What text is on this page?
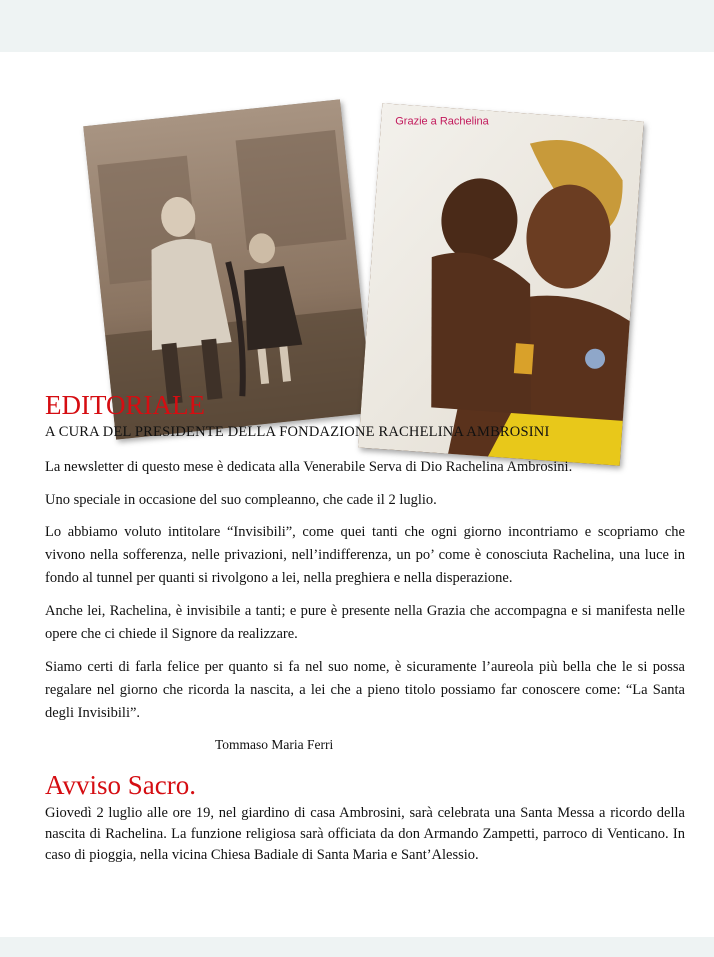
Grazie a Rachelina
EDITORIALE
A CURA DEL PRESIDENTE DELLA FONDAZIONE RACHELINA AMBROSINI

La newsletter di questo mese è dedicata alla Venerabile Serva di Dio Rachelina Ambrosini.

Uno speciale in occasione del suo compleanno, che cade il 2 luglio.

Lo abbiamo voluto intitolare “Invisibili”, come quei tanti che ogni giorno incontriamo e scopriamo che vivono nella sofferenza, nelle privazioni, nell’indifferenza, un po’ come è conosciuta Rachelina, una luce in fondo al tunnel per quanti si rivolgono a lei, nella preghiera e nella disperazione.

Anche lei, Rachelina, è invisibile a tanti; e pure è presente nella Grazia che accompagna e si manifesta nelle opere che ci chiede il Signore da realizzare.

Siamo certi di farla felice per quanto si fa nel suo nome, è sicuramente l’aureola più bella che le si possa regalare nel giorno che ricorda la nascita, a lei che a pieno titolo possiamo far conoscere come: “La Santa degli Invisibili”.

Tommaso Maria Ferri
Avviso Sacro.

Giovedì 2 luglio alle ore 19, nel giardino di casa Ambrosini, sarà celebrata una Santa Messa a ricordo della nascita di Rachelina. La funzione religiosa sarà officiata da don Armando Zampetti, parroco di Venticano. In caso di pioggia, nella vicina Chiesa Badiale di Santa Maria e Sant’Alessio.
